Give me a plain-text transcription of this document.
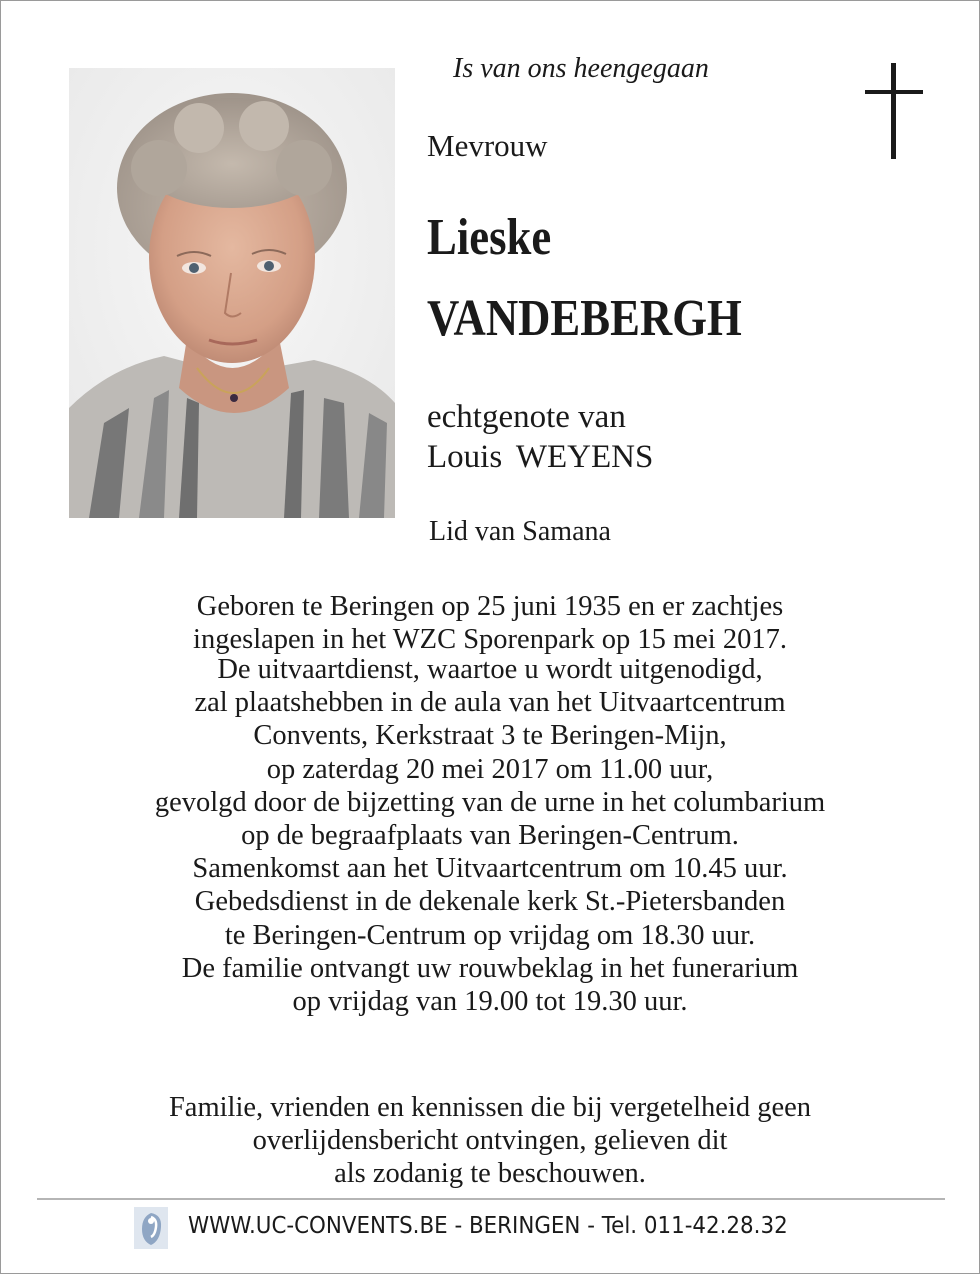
Is van ons heengegaan
Mevrouw
Lieske
VANDEBERGH
echtgenote van
Louis WEYENS
Lid van Samana
Geboren te Beringen op 25 juni 1935 en er zachtjes
ingeslapen in het WZC Sporenpark op 15 mei 2017.
De uitvaartdienst, waartoe u wordt uitgenodigd,
zal plaatshebben in de aula van het Uitvaartcentrum
Convents, Kerkstraat 3 te Beringen-Mijn,
op zaterdag 20 mei 2017 om 11.00 uur,
gevolgd door de bijzetting van de urne in het columbarium
op de begraafplaats van Beringen-Centrum.
Samenkomst aan het Uitvaartcentrum om 10.45 uur.
Gebedsdienst in de dekenale kerk St.-Pietersbanden
te Beringen-Centrum op vrijdag om 18.30 uur.
De familie ontvangt uw rouwbeklag in het funerarium
op vrijdag van 19.00 tot 19.30 uur.
Familie, vrienden en kennissen die bij vergetelheid geen
overlijdensbericht ontvingen, gelieven dit
als zodanig te beschouwen.
WWW.UC-CONVENTS.BE - BERINGEN - Tel. 011-42.28.32
